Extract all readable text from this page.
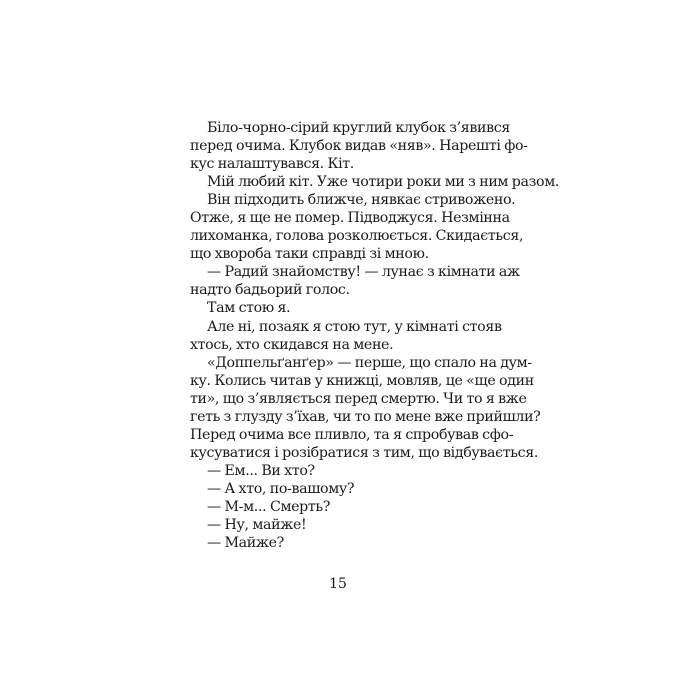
Біло-чорно-сірий круглий клубок з’явився
перед очима. Клубок видав «няв». Нарешті фо-
кус налаштувався. Кіт.
Мій любий кіт. Уже чотири роки ми з ним разом.
Він підходить ближче, нявкає стривожено.
Отже, я ще не помер. Підводжуся. Незмінна
лихоманка, голова розколюється. Скидається,
що хвороба таки справді зі мною.
— Радий знайомству! — лунає з кімнати аж
надто бадьорий голос.
Там стою я.
Але ні, позаяк я стою тут, у кімнаті стояв
хтось, хто скидався на мене.
«Доппельґанґер» — перше, що спало на дум-
ку. Колись читав у книжці, мовляв, це «ще один
ти», що з’являється перед смертю. Чи то я вже
геть з глузду з’їхав, чи то по мене вже прийшли?
Перед очима все пливло, та я спробував сфо-
кусуватися і розібратися з тим, що відбувається.
— Ем... Ви хто?
— А хто, по-вашому?
— М-м... Смерть?
— Ну, майже!
— Майже?
15
